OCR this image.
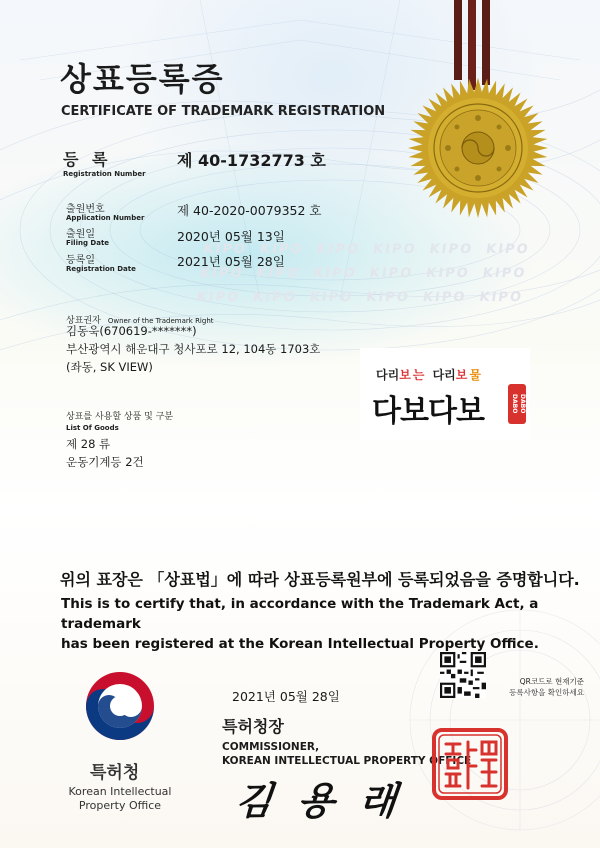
상표등록증
CERTIFICATE OF TRADEMARK REGISTRATION
등 록
Registration Number
제 40-1732773 호
출원번호
Application Number	제 40-2020-0079352 호
출원일
Filing Date	2020년 05월 13일
등록일
Registration Date	2021년 05월 28일
KIPO KIPO KIPO KIPO KIPO KIPO
KIPO KIPO KIPO KIPO KIPO KIPO
KIPO KIPO KIPO KIPO KIPO KIPO
상표권자 Owner of the Trademark Right
김동욱(670619-*******)
부산광역시 해운대구 청사포로 12, 104동 1703호
(좌동, SK VIEW)
상표를 사용할 상품 및 구분
List Of Goods
제 28 류
운동기계등 2건
다리보 는 다리보 물
다보다보	DABO DABO
위의 표장은 「상표법」에 따라 상표등록원부에 등록되었음을 증명합니다.
This is to certify that, in accordance with the Trademark Act, a trademark
has been registered at the Korean Intellectual Property Office.
QR코드로 현재기준
등록사항을 확인하세요
2021년 05월 28일
특허청장
COMMISSIONER,
KOREAN INTELLECTUAL PROPERTY OFFICE
김 용 래
특허청
Korean Intellectual
Property Office
